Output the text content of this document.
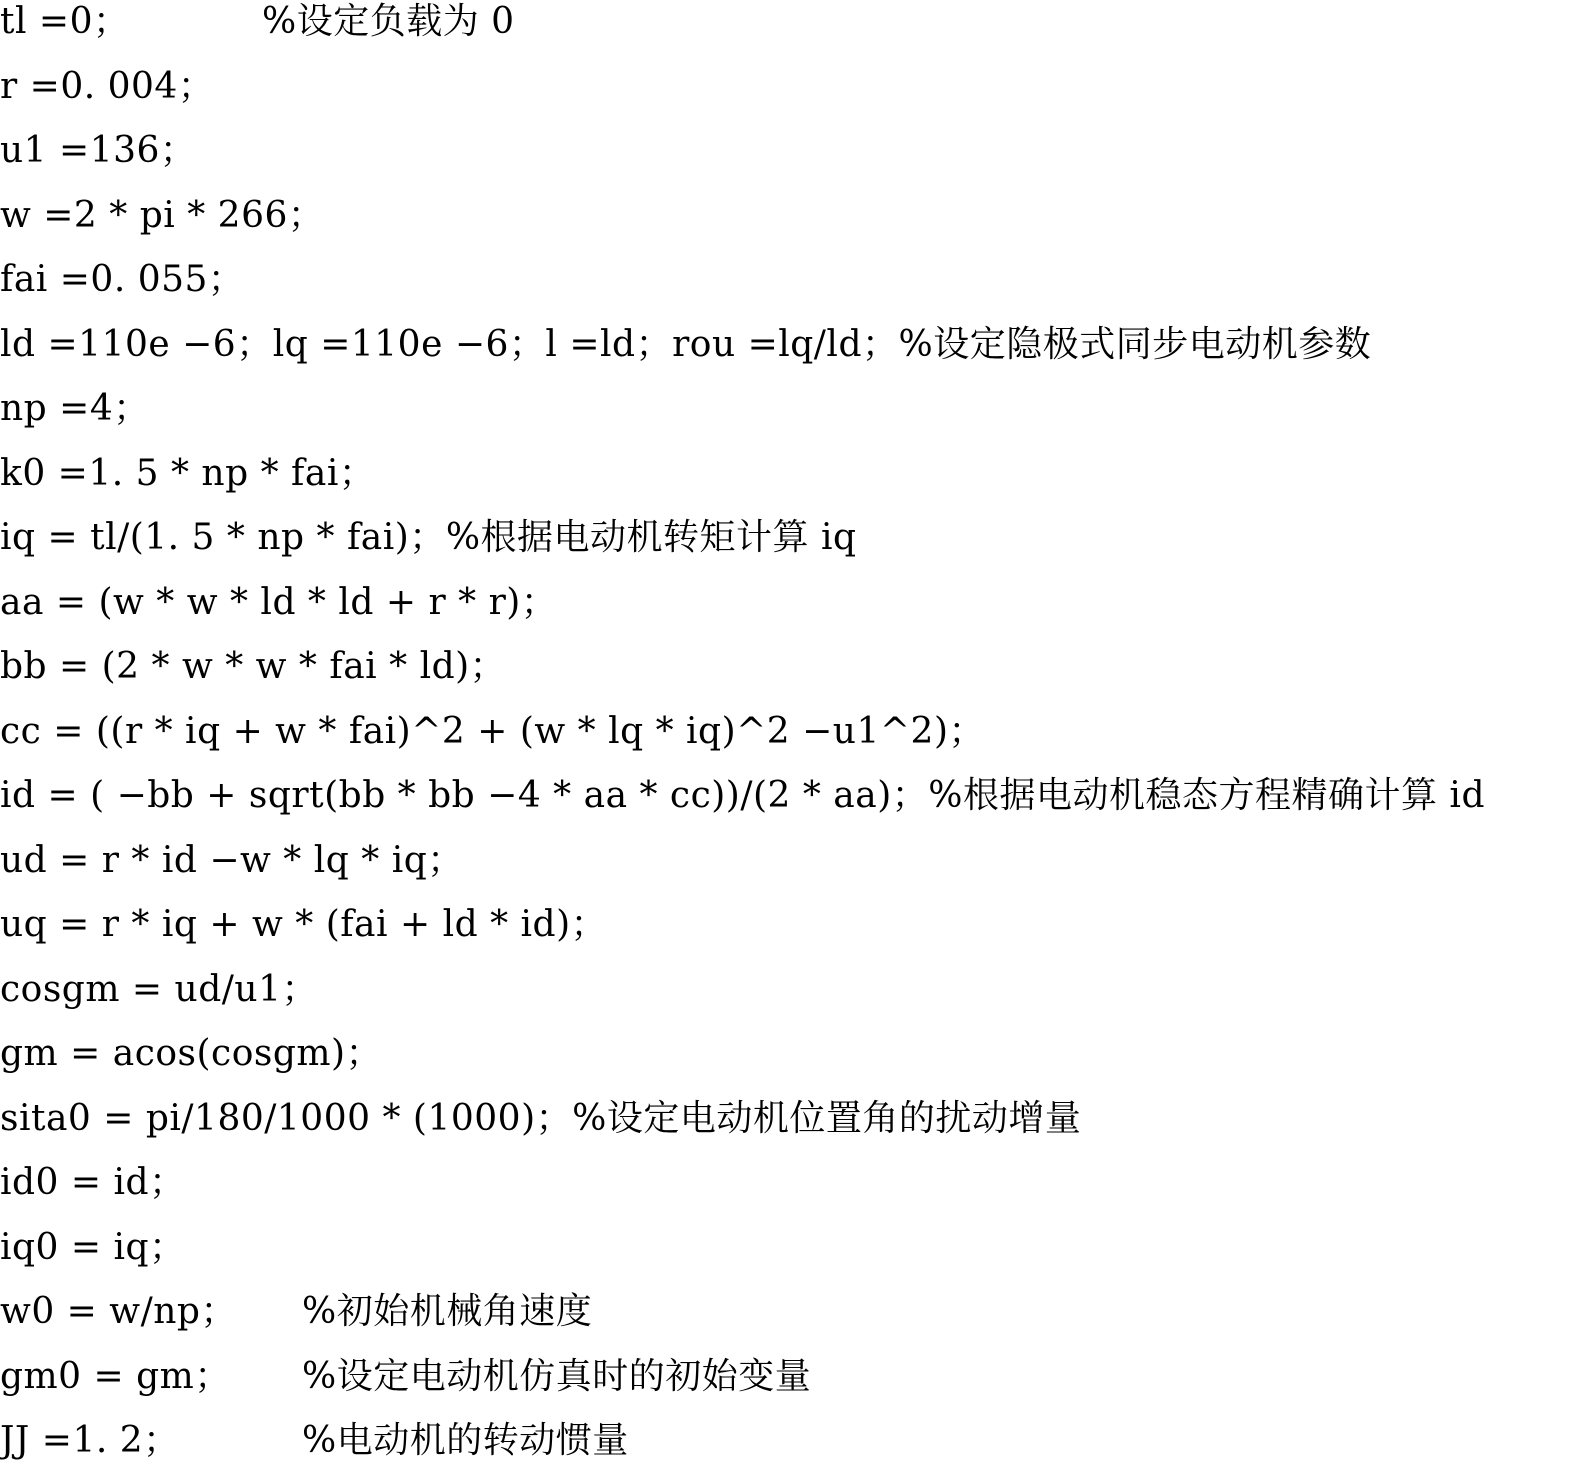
tl =0；	%设定负载为 0
r =0. 004；
u1 =136；
w =2 * pi * 266；
fai =0. 055；
ld =110e −6；lq =110e −6；l =ld；rou =lq/ld；%设定隐极式同步电动机参数
np =4；
k0 =1. 5 * np * fai；
iq = tl/(1. 5 * np * fai)；%根据电动机转矩计算 iq
aa = (w * w * ld * ld + r * r)；
bb = (2 * w * w * fai * ld)；
cc = ((r * iq + w * fai)^2 + (w * lq * iq)^2 −u1^2)；
id = ( −bb + sqrt(bb * bb −4 * aa * cc))/(2 * aa)；%根据电动机稳态方程精确计算 id
ud = r * id −w * lq * iq；
uq = r * iq + w * (fai + ld * id)；
cosgm = ud/u1；
gm = acos(cosgm)；
sita0 = pi/180/1000 * (1000)；%设定电动机位置角的扰动增量
id0 = id；
iq0 = iq；
w0 = w/np； %初始机械角速度
gm0 = gm； %设定电动机仿真时的初始变量
JJ =1. 2；	%电动机的转动惯量
